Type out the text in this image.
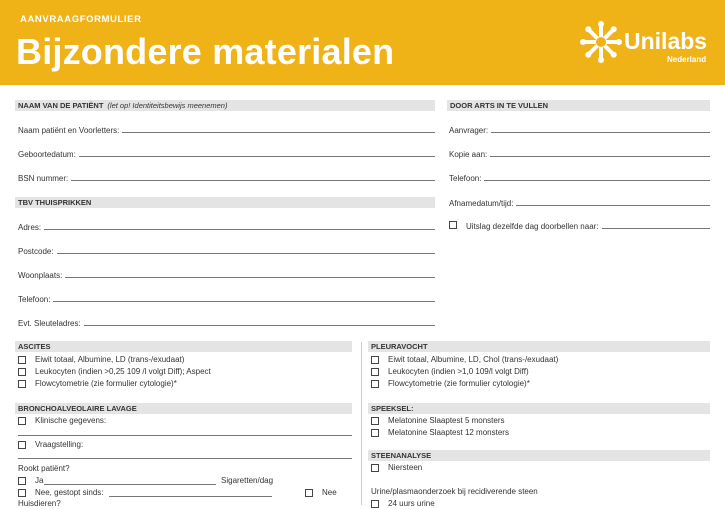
AANVRAAGFORMULIER
Bijzondere materialen	Unilabs
Nederland
NAAM VAN DE PATIËNT (let op! Identiteitsbewijs meenemen)
Naam patiënt en Voorletters:
Geboortedatum:
BSN nummer:
TBV THUISPRIKKEN
Adres:
Postcode:
Woonplaats:
Telefoon:
Evt. Sleuteladres:
DOOR ARTS IN TE VULLEN
Aanvrager:
Kopie aan:
Telefoon:
Afnamedatum/tijd:
Uitslag dezelfde dag doorbellen naar:
ASCITES
Eiwit totaal, Albumine, LD (trans-/exudaat)
Leukocyten (indien >0,25 109 /l volgt Diff); Aspect
Flowcytometrie (zie formulier cytologie)*
BRONCHOALVEOLAIRE LAVAGE
Klinische gegevens:
Vraagstelling:
Rookt patiënt?
Ja	Sigaretten/dag
Nee, gestopt sinds:	Nee
Huisdieren?
PLEURAVOCHT
Eiwit totaal, Albumine, LD, Chol (trans-/exudaat)
Leukocyten (indien >1,0 109/l volgt Diff)
Flowcytometrie (zie formulier cytologie)*
SPEEKSEL:
Melatonine Slaaptest 5 monsters
Melatonine Slaaptest 12 monsters
STEENANALYSE
Niersteen
Urine/plasmaonderzoek bij recidiverende steen
24 uurs urine
